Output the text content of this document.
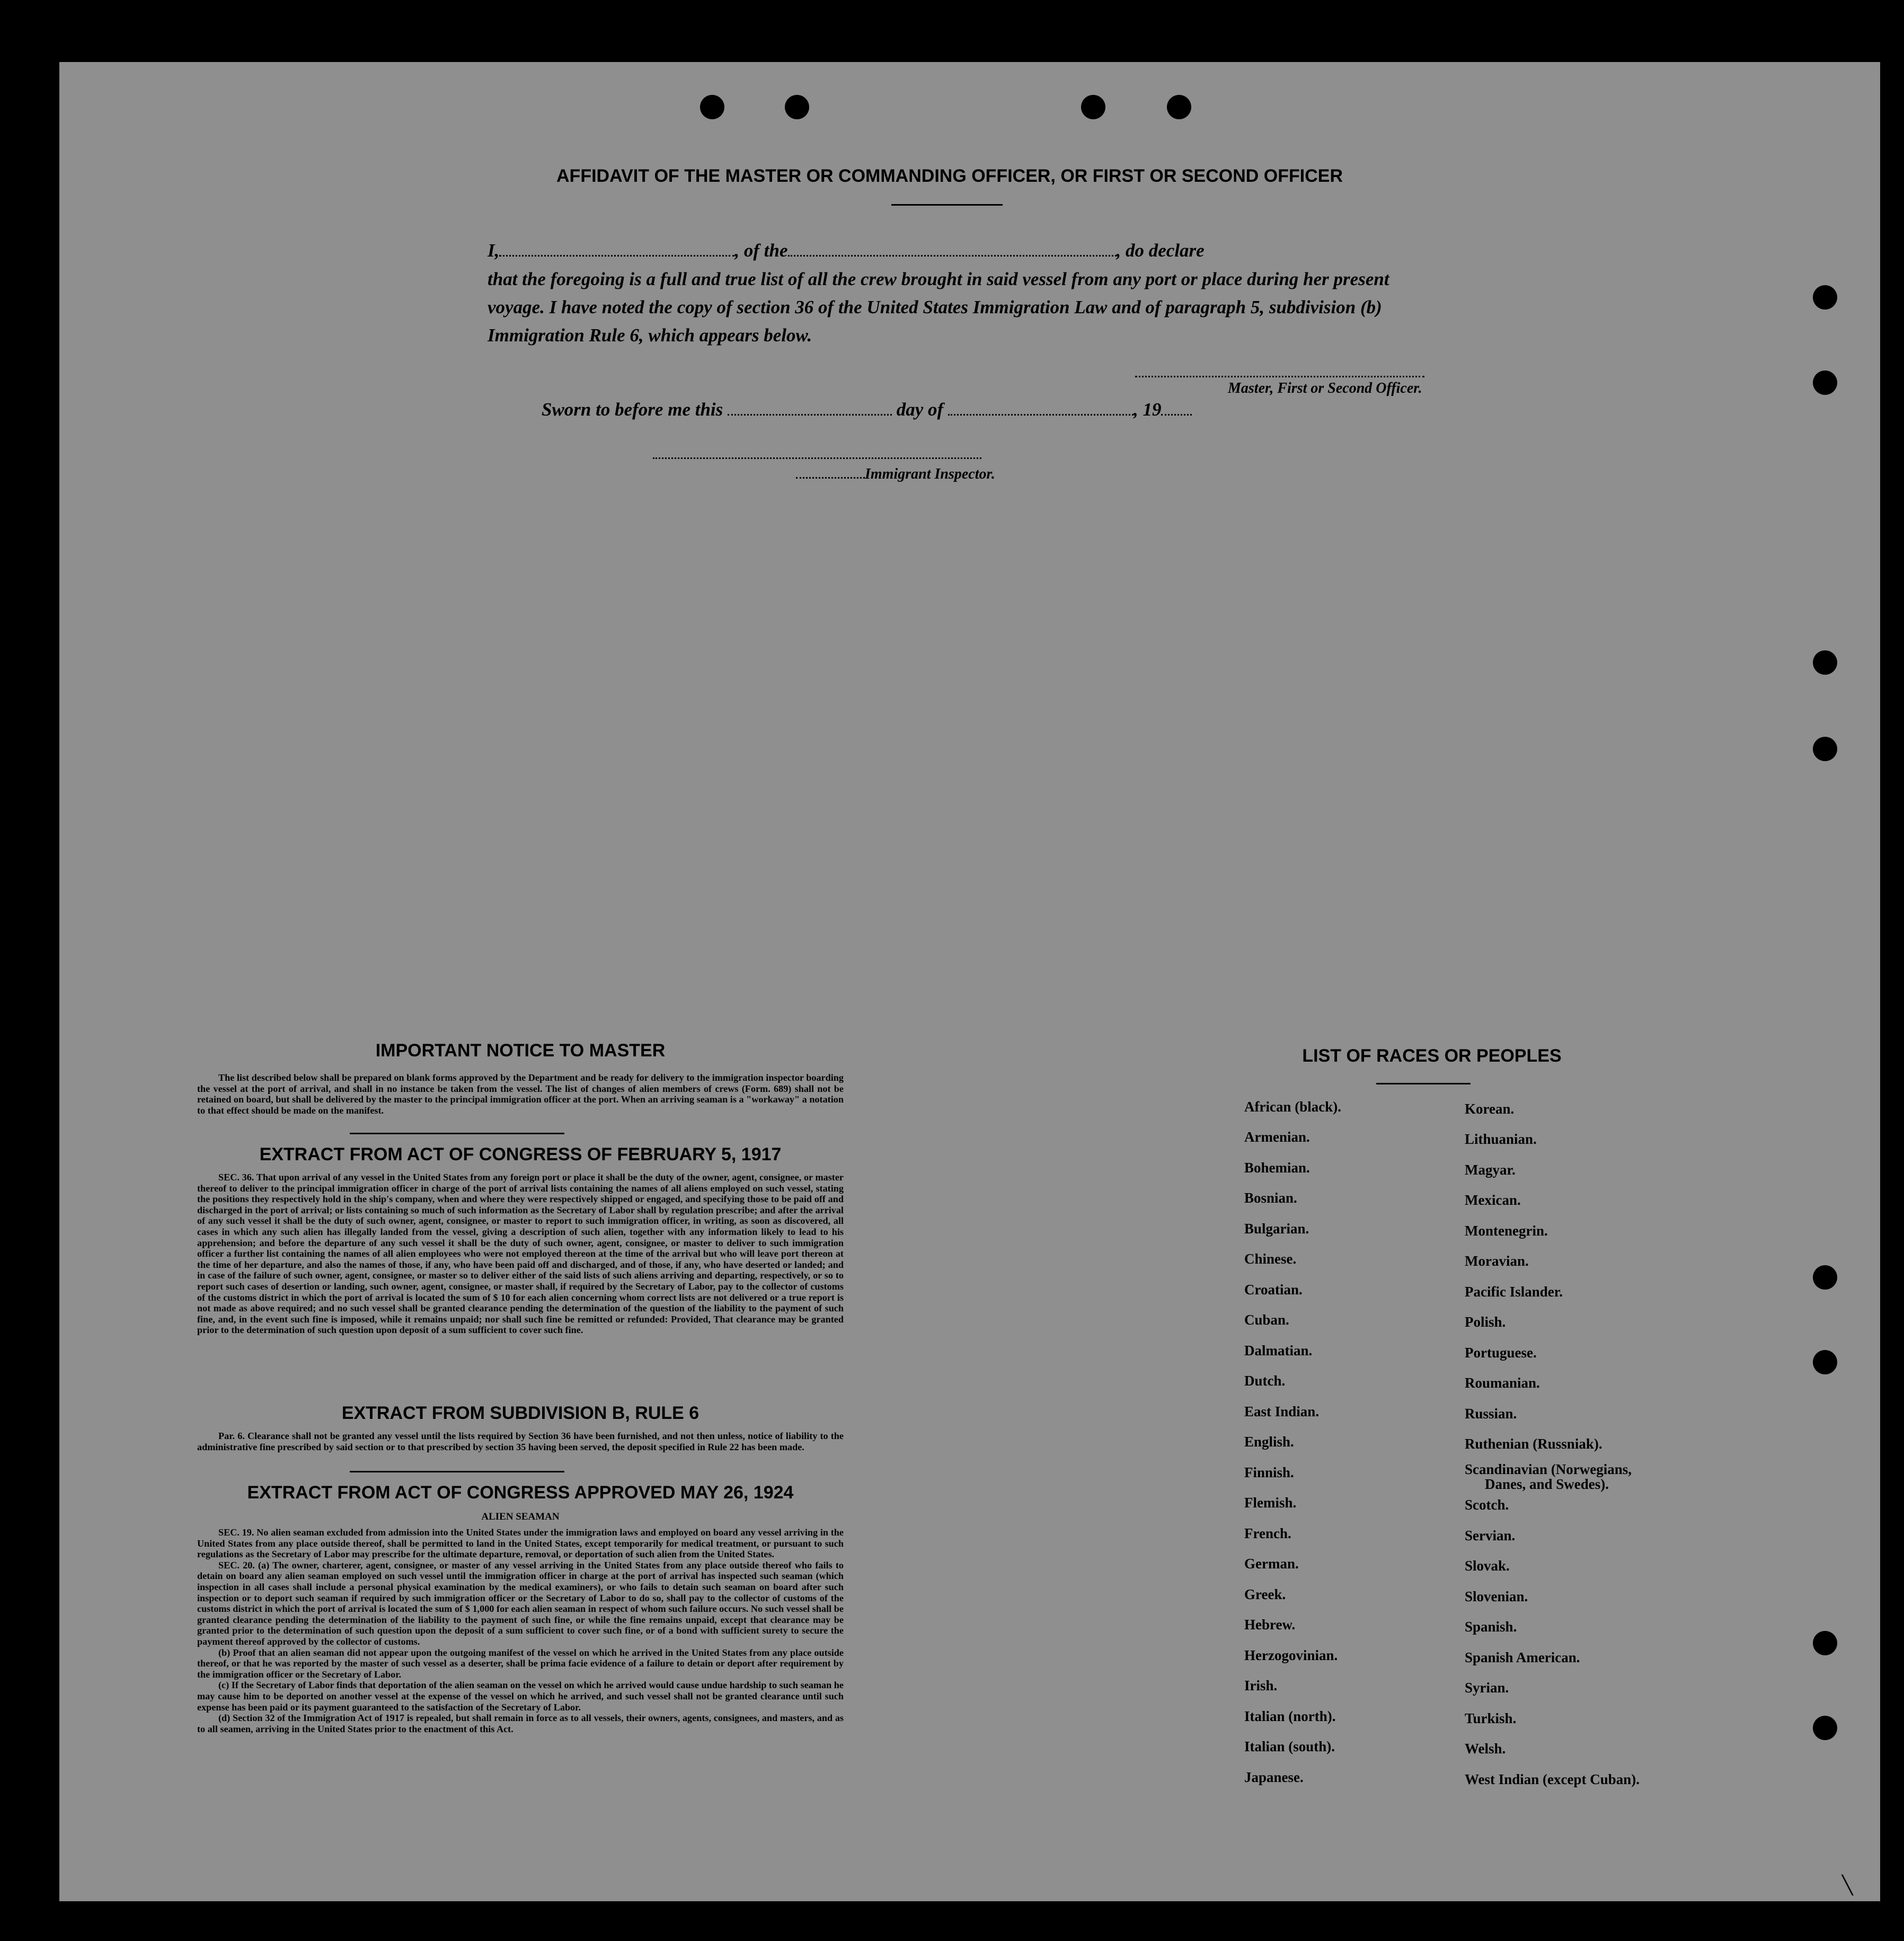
╲
AFFIDAVIT OF THE MASTER OR COMMANDING OFFICER, OR FIRST OR SECOND OFFICER
I,	, of the	, do declare
that the foregoing is a full and true list of all the crew brought in said vessel from any port or place during her present
voyage. I have noted the copy of section 36 of the United States Immigration Law and of paragraph 5, subdivision (b)
Immigration Rule 6, which appears below.
Master, First or Second Officer.
Sworn to before me this	day of	, 19
Immigrant Inspector.
IMPORTANT NOTICE TO MASTER

The list described below shall be prepared on blank forms approved by the Department and be ready for delivery to the immigration inspector boarding the vessel at the port of arrival, and shall in no instance be taken from the vessel. The list of changes of alien members of crews (Form. 689) shall not be retained on board, but shall be delivered by the master to the principal immigration officer at the port. When an arriving seaman is a "workaway" a notation to that effect should be made on the manifest.

EXTRACT FROM ACT OF CONGRESS OF FEBRUARY 5, 1917

SEC. 36. That upon arrival of any vessel in the United States from any foreign port or place it shall be the duty of the owner, agent, consignee, or master thereof to deliver to the principal immigration officer in charge of the port of arrival lists containing the names of all aliens employed on such vessel, stating the positions they respectively hold in the ship's company, when and where they were respectively shipped or engaged, and specifying those to be paid off and discharged in the port of arrival; or lists containing so much of such information as the Secretary of Labor shall by regulation prescribe; and after the arrival of any such vessel it shall be the duty of such owner, agent, consignee, or master to report to such immigration officer, in writing, as soon as discovered, all cases in which any such alien has illegally landed from the vessel, giving a description of such alien, together with any information likely to lead to his apprehension; and before the departure of any such vessel it shall be the duty of such owner, agent, consignee, or master to deliver to such immigration officer a further list containing the names of all alien employees who were not employed thereon at the time of the arrival but who will leave port thereon at the time of her departure, and also the names of those, if any, who have been paid off and discharged, and of those, if any, who have deserted or landed; and in case of the failure of such owner, agent, consignee, or master so to deliver either of the said lists of such aliens arriving and departing, respectively, or so to report such cases of desertion or landing, such owner, agent, consignee, or master shall, if required by the Secretary of Labor, pay to the collector of customs of the customs district in which the port of arrival is located the sum of $ 10 for each alien concerning whom correct lists are not delivered or a true report is not made as above required; and no such vessel shall be granted clearance pending the determination of the question of the liability to the payment of such fine, and, in the event such fine is imposed, while it remains unpaid; nor shall such fine be remitted or refunded: Provided, That clearance may be granted prior to the determination of such question upon deposit of a sum sufficient to cover such fine.

EXTRACT FROM SUBDIVISION B, RULE 6

Par. 6. Clearance shall not be granted any vessel until the lists required by Section 36 have been furnished, and not then unless, notice of liability to the administrative fine prescribed by said section or to that prescribed by section 35 having been served, the deposit specified in Rule 22 has been made.

EXTRACT FROM ACT OF CONGRESS APPROVED MAY 26, 1924
ALIEN SEAMAN

SEC. 19. No alien seaman excluded from admission into the United States under the immigration laws and employed on board any vessel arriving in the United States from any place outside thereof, shall be permitted to land in the United States, except temporarily for medical treatment, or pursuant to such regulations as the Secretary of Labor may prescribe for the ultimate departure, removal, or deportation of such alien from the United States.

SEC. 20. (a) The owner, charterer, agent, consignee, or master of any vessel arriving in the United States from any place outside thereof who fails to detain on board any alien seaman employed on such vessel until the immigration officer in charge at the port of arrival has inspected such seaman (which inspection in all cases shall include a personal physical examination by the medical examiners), or who fails to detain such seaman on board after such inspection or to deport such seaman if required by such immigration officer or the Secretary of Labor to do so, shall pay to the collector of customs of the customs district in which the port of arrival is located the sum of $ 1,000 for each alien seaman in respect of whom such failure occurs. No such vessel shall be granted clearance pending the determination of the liability to the payment of such fine, or while the fine remains unpaid, except that clearance may be granted prior to the determination of such question upon the deposit of a sum sufficient to cover such fine, or of a bond with sufficient surety to secure the payment thereof approved by the collector of customs.

(b) Proof that an alien seaman did not appear upon the outgoing manifest of the vessel on which he arrived in the United States from any place outside thereof, or that he was reported by the master of such vessel as a deserter, shall be prima facie evidence of a failure to detain or deport after requirement by the immigration officer or the Secretary of Labor.

(c) If the Secretary of Labor finds that deportation of the alien seaman on the vessel on which he arrived would cause undue hardship to such seaman he may cause him to be deported on another vessel at the expense of the vessel on which he arrived, and such vessel shall not be granted clearance until such expense has been paid or its payment guaranteed to the satisfaction of the Secretary of Labor.

(d) Section 32 of the Immigration Act of 1917 is repealed, but shall remain in force as to all vessels, their owners, agents, consignees, and masters, and as to all seamen, arriving in the United States prior to the enactment of this Act.

LIST OF RACES OR PEOPLES
African (black).
Armenian.
Bohemian.
Bosnian.
Bulgarian.
Chinese.
Croatian.
Cuban.
Dalmatian.
Dutch.
East Indian.
English.
Finnish.
Flemish.
French.
German.
Greek.
Hebrew.
Herzogovinian.
Irish.
Italian (north).
Italian (south).
Japanese.
Korean.
Lithuanian.
Magyar.
Mexican.
Montenegrin.
Moravian.
Pacific Islander.
Polish.
Portuguese.
Roumanian.
Russian.
Ruthenian (Russniak).
Scandinavian (Norwegians,
Danes, and Swedes).
Scotch.
Servian.
Slovak.
Slovenian.
Spanish.
Spanish American.
Syrian.
Turkish.
Welsh.
West Indian (except Cuban).
